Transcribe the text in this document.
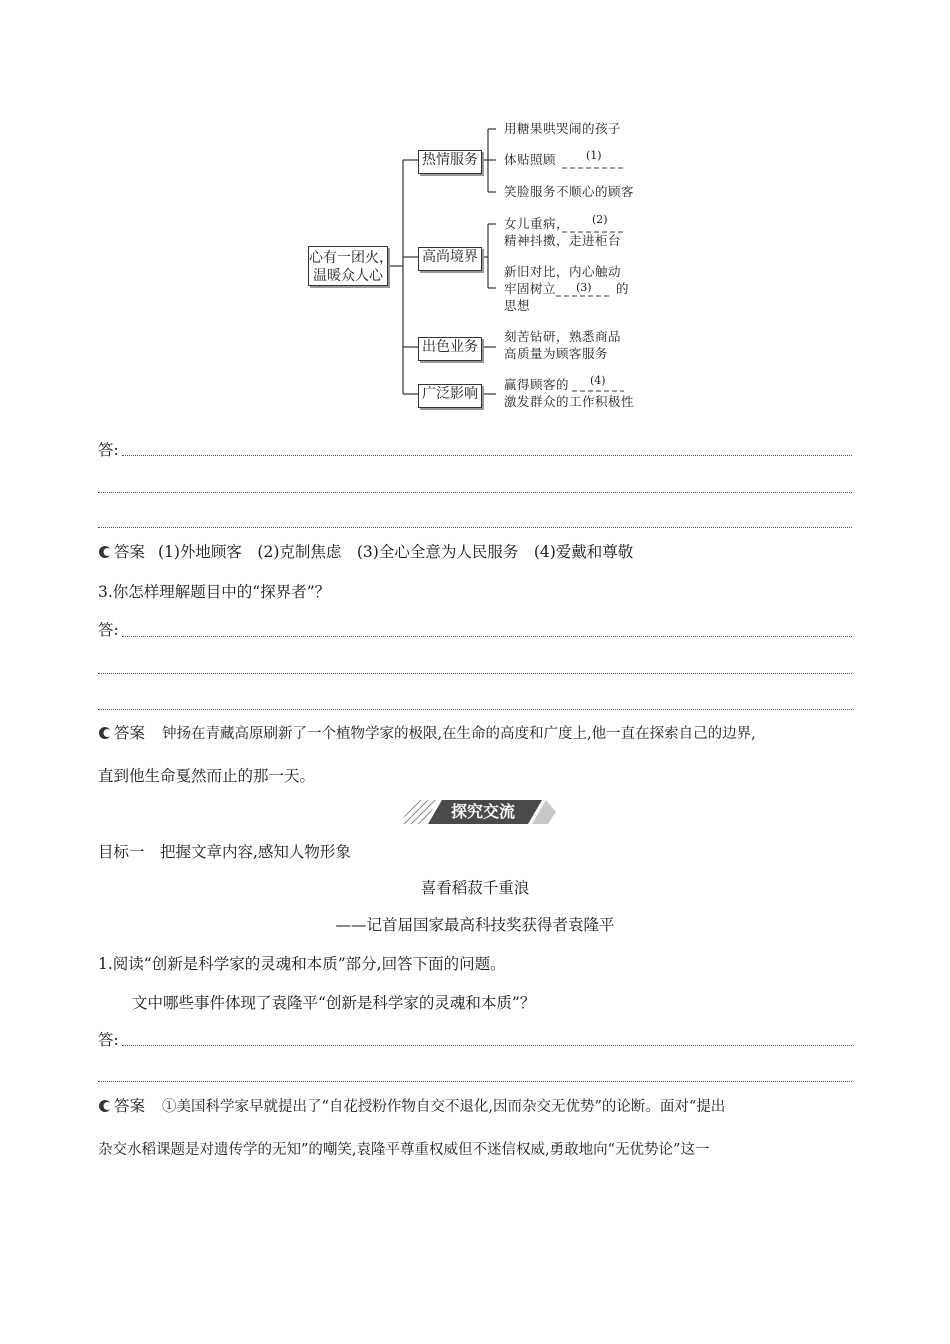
心有一团火，
温暖众人心
热情服务
高尚境界
出色业务
广泛影响
用糖果哄哭闹的孩子
体贴照顾	(1)
笑脸服务不顺心的顾客
女儿重病， (2)
精神抖擞，走进柜台
新旧对比，内心触动
牢固树立 (3) 的
思想
刻苦钻研，熟悉商品
高质量为顾客服务
赢得顾客的 (4)
激发群众的工作积极性
答:
答案 (1)外地顾客　(2)克制焦虑　(3)全心全意为人民服务　(4)爱戴和尊敬
3.你怎样理解题目中的“探界者”？
答:
答案 钟扬在青藏高原刷新了一个植物学家的极限,在生命的高度和广度上,他一直在探索自己的边界,
直到他生命戛然而止的那一天。
探究交流
目标一　把握文章内容,感知人物形象
喜看稻菽千重浪
——记首届国家最高科技奖获得者袁隆平
1.阅读“创新是科学家的灵魂和本质”部分,回答下面的问题。
文中哪些事件体现了袁隆平“创新是科学家的灵魂和本质”？
答:
答案 ①美国科学家早就提出了“自花授粉作物自交不退化,因而杂交无优势”的论断。面对“提出
杂交水稻课题是对遗传学的无知”的嘲笑,袁隆平尊重权威但不迷信权威,勇敢地向“无优势论”这一
